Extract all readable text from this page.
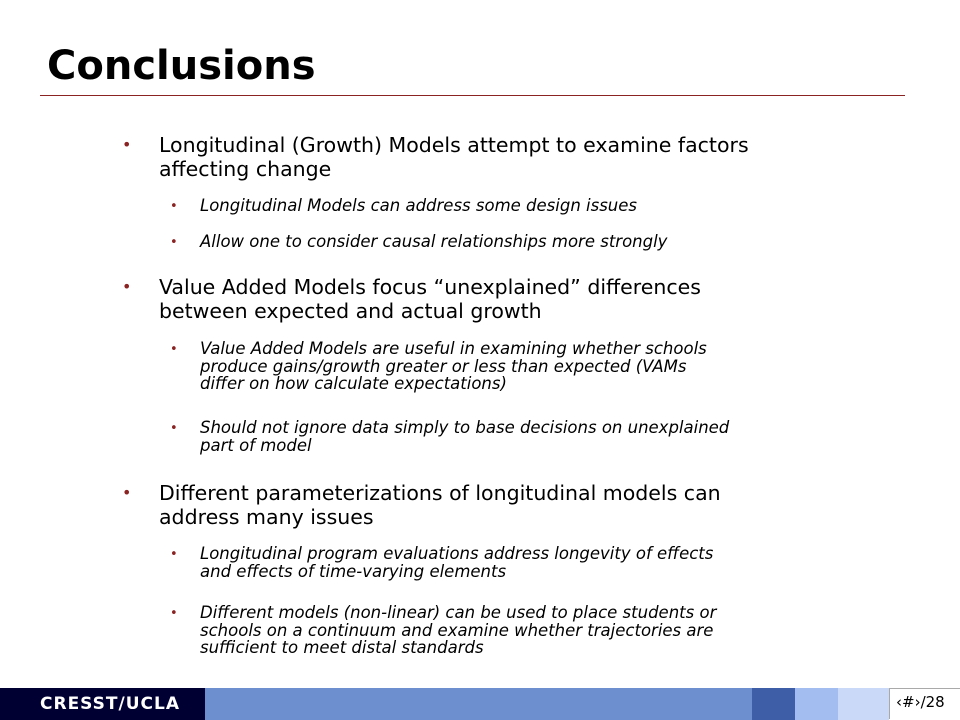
Conclusions
• Longitudinal (Growth) Models attempt to examine factors
affecting change
• Longitudinal Models can address some design issues
• Allow one to consider causal relationships more strongly
• Value Added Models focus “unexplained” differences
between expected and actual growth
• Value Added Models are useful in examining whether schools
produce gains/growth greater or less than expected (VAMs
differ on how calculate expectations)
• Should not ignore data simply to base decisions on unexplained
part of model
• Different parameterizations of longitudinal models can
address many issues
• Longitudinal program evaluations address longevity of effects
and effects of time-varying elements
• Different models (non-linear) can be used to place students or
schools on a continuum and examine whether trajectories are
sufficient to meet distal standards
CRESST/UCLA	‹#›/28
